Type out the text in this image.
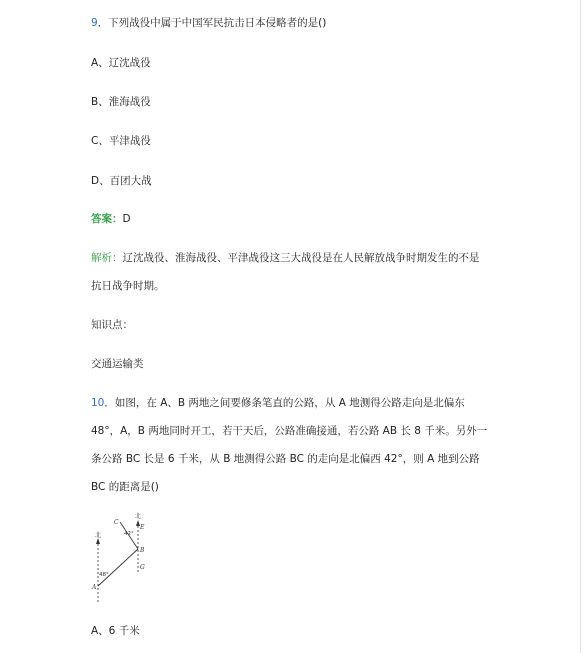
9．下列战役中属于中国军民抗击日本侵略者的是()
A、辽沈战役
B、淮海战役
C、平津战役
D、百团大战
答案：D
解析：辽沈战役、淮海战役、平津战役这三大战役是在人民解放战争时期发生的不是
抗日战争时期。
知识点：
交通运输类
10．如图，在 A、B 两地之间要修条笔直的公路，从 A 地测得公路走向是北偏东
48°，A，B 两地同时开工，若干天后，公路准确接通，若公路 AB 长 8 千米。另外一
条公路 BC 长是 6 千米，从 B 地测得公路 BC 的走向是北偏西 42°，则 A 地到公路
BC 的距离是()
北
北
C
E
B
G
A
42°
48°
A、6 千米
